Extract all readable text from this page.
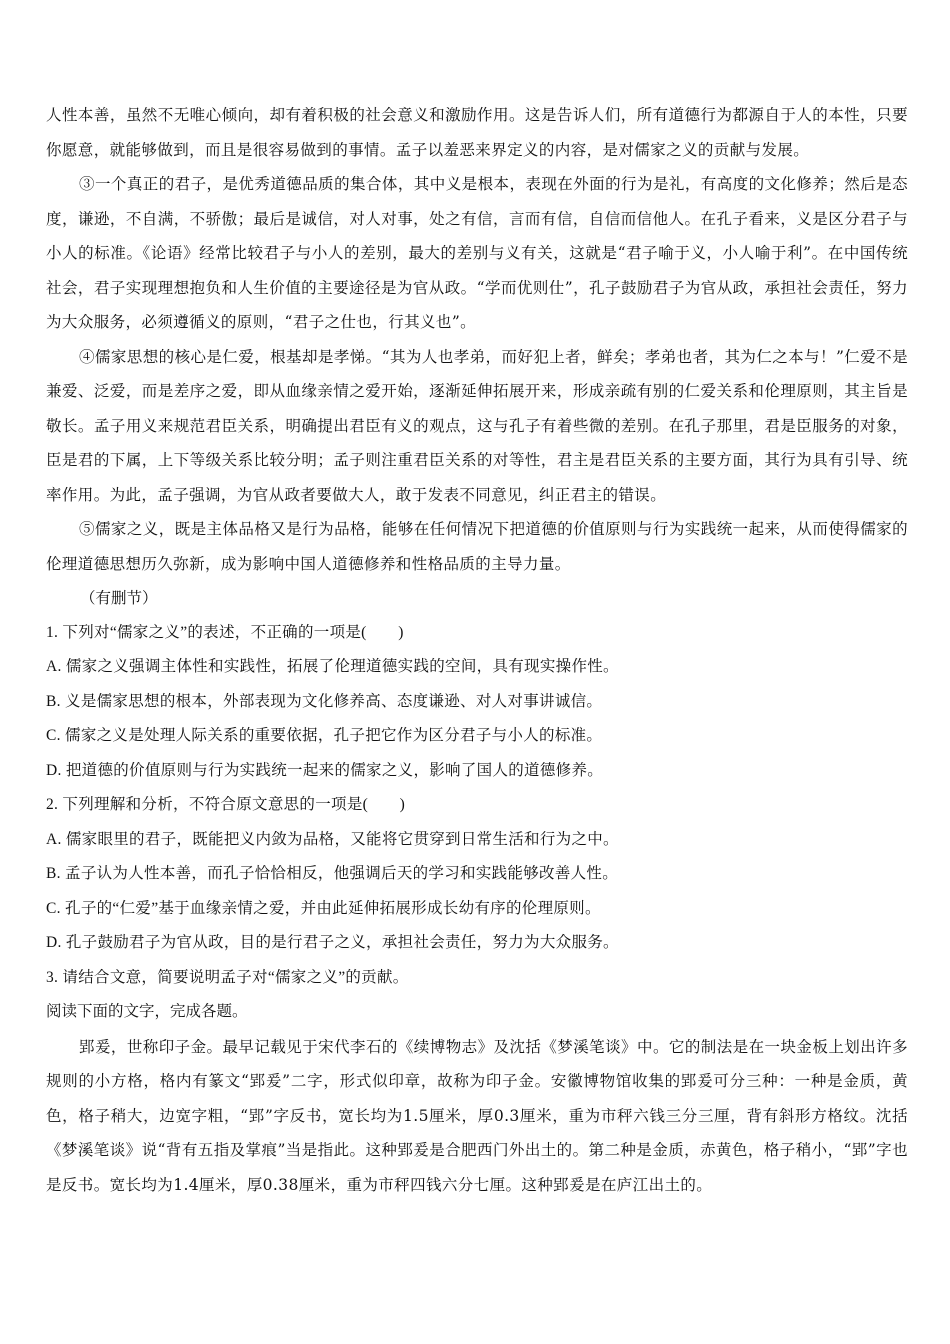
人性本善，虽然不无唯心倾向，却有着积极的社会意义和激励作用。这是告诉人们，所有道德行为都源自于人的本性，只要你愿意，就能够做到，而且是很容易做到的事情。孟子以羞恶来界定义的内容，是对儒家之义的贡献与发展。

③一个真正的君子，是优秀道德品质的集合体，其中义是根本，表现在外面的行为是礼，有高度的文化修养；然后是态度，谦逊，不自满，不骄傲；最后是诚信，对人对事，处之有信，言而有信，自信而信他人。在孔子看来，义是区分君子与小人的标准。《论语》经常比较君子与小人的差别，最大的差别与义有关，这就是“君子喻于义，小人喻于利”。在中国传统社会，君子实现理想抱负和人生价值的主要途径是为官从政。“学而优则仕”，孔子鼓励君子为官从政，承担社会责任，努力为大众服务，必须遵循义的原则，“君子之仕也，行其义也”。

④儒家思想的核心是仁爱，根基却是孝悌。“其为人也孝弟，而好犯上者，鲜矣；孝弟也者，其为仁之本与！”仁爱不是兼爱、泛爱，而是差序之爱，即从血缘亲情之爱开始，逐渐延伸拓展开来，形成亲疏有别的仁爱关系和伦理原则，其主旨是敬长。孟子用义来规范君臣关系，明确提出君臣有义的观点，这与孔子有着些微的差别。在孔子那里，君是臣服务的对象，臣是君的下属，上下等级关系比较分明；孟子则注重君臣关系的对等性，君主是君臣关系的主要方面，其行为具有引导、统率作用。为此，孟子强调，为官从政者要做大人，敢于发表不同意见，纠正君主的错误。

⑤儒家之义，既是主体品格又是行为品格，能够在任何情况下把道德的价值原则与行为实践统一起来，从而使得儒家的伦理道德思想历久弥新，成为影响中国人道德修养和性格品质的主导力量。

（有删节）

1. 下列对“儒家之义”的表述，不正确的一项是(　　)

A. 儒家之义强调主体性和实践性，拓展了伦理道德实践的空间，具有现实操作性。

B. 义是儒家思想的根本，外部表现为文化修养高、态度谦逊、对人对事讲诚信。

C. 儒家之义是处理人际关系的重要依据，孔子把它作为区分君子与小人的标准。

D. 把道德的价值原则与行为实践统一起来的儒家之义，影响了国人的道德修养。

2. 下列理解和分析，不符合原文意思的一项是(　　)

A. 儒家眼里的君子，既能把义内敛为品格，又能将它贯穿到日常生活和行为之中。

B. 孟子认为人性本善，而孔子恰恰相反，他强调后天的学习和实践能够改善人性。

C. 孔子的“仁爱”基于血缘亲情之爱，并由此延伸拓展形成长幼有序的伦理原则。

D. 孔子鼓励君子为官从政，目的是行君子之义，承担社会责任，努力为大众服务。

3. 请结合文意，简要说明孟子对“儒家之义”的贡献。

阅读下面的文字，完成各题。

郢爰，世称印子金。最早记载见于宋代李石的《续博物志》及沈括《梦溪笔谈》中。它的制法是在一块金板上划出许多规则的小方格，格内有篆文“郢爰”二字，形式似印章，故称为印子金。安徽博物馆收集的郢爰可分三种：一种是金质，黄色，格子稍大，边宽字粗，“郢”字反书，宽长均为1.5厘米，厚0.3厘米，重为市秤六钱三分三厘，背有斜形方格纹。沈括《梦溪笔谈》说“背有五指及掌痕”当是指此。这种郢爰是合肥西门外出土的。第二种是金质，赤黄色，格子稍小，“郢”字也是反书。宽长均为1.4厘米，厚0.38厘米，重为市秤四钱六分七厘。这种郢爰是在庐江出土的。
